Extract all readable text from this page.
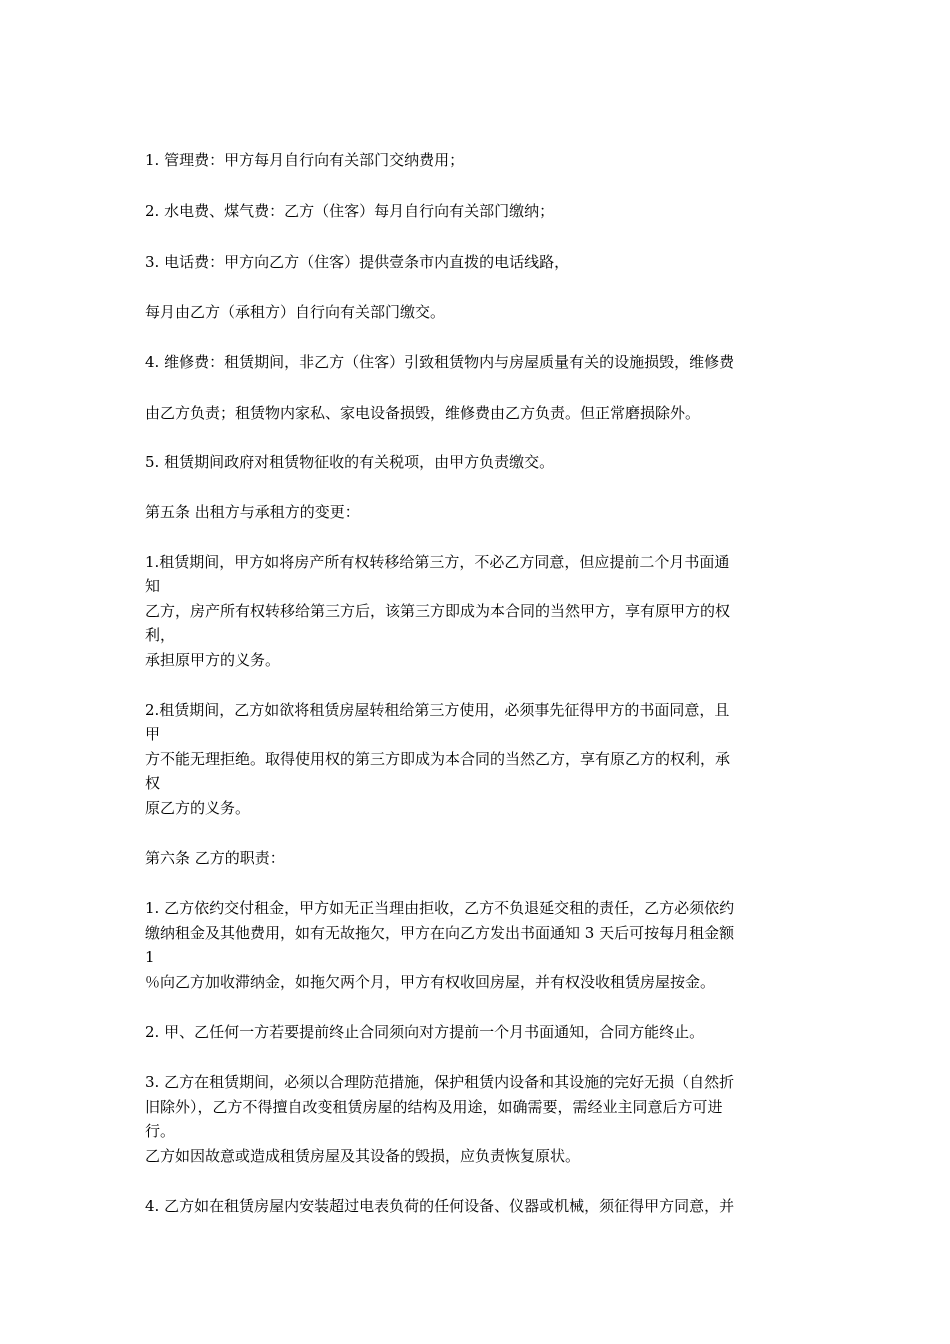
1. 管理费：甲方每月自行向有关部门交纳费用；

2. 水电费、煤气费：乙方（住客）每月自行向有关部门缴纳；

3. 电话费：甲方向乙方（住客）提供壹条市内直拨的电话线路，

每月由乙方（承租方）自行向有关部门缴交。

4. 维修费：租赁期间，非乙方（住客）引致租赁物内与房屋质量有关的设施损毁，维修费

由乙方负责；租赁物内家私、家电设备损毁，维修费由乙方负责。但正常磨损除外。

5. 租赁期间政府对租赁物征收的有关税项，由甲方负责缴交。

第五条 出租方与承租方的变更：

1.租赁期间，甲方如将房产所有权转移给第三方，不必乙方同意，但应提前二个月书面通

知

乙方，房产所有权转移给第三方后，该第三方即成为本合同的当然甲方，享有原甲方的权

利，

承担原甲方的义务。

2.租赁期间，乙方如欲将租赁房屋转租给第三方使用，必须事先征得甲方的书面同意，且

甲

方不能无理拒绝。取得使用权的第三方即成为本合同的当然乙方，享有原乙方的权利，承

权

原乙方的义务。

第六条 乙方的职责：

1. 乙方依约交付租金，甲方如无正当理由拒收，乙方不负退延交租的责任，乙方必须依约

缴纳租金及其他费用，如有无故拖欠，甲方在向乙方发出书面通知 3 天后可按每月租金额

1

％向乙方加收滞纳金，如拖欠两个月，甲方有权收回房屋，并有权没收租赁房屋按金。

2. 甲、乙任何一方若要提前终止合同须向对方提前一个月书面通知，合同方能终止。

3. 乙方在租赁期间，必须以合理防范措施，保护租赁内设备和其设施的完好无损（自然折

旧除外），乙方不得擅自改变租赁房屋的结构及用途，如确需要，需经业主同意后方可进

行。

乙方如因故意或造成租赁房屋及其设备的毁损，应负责恢复原状。

4. 乙方如在租赁房屋内安装超过电表负荷的任何设备、仪器或机械，须征得甲方同意，并
